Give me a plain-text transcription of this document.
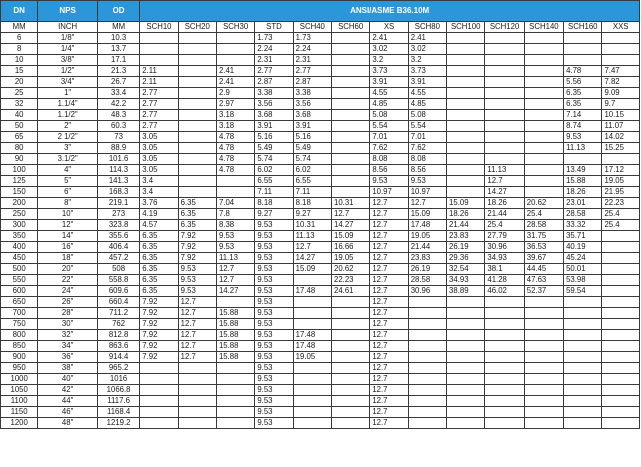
DN	NPS	OD	ANSI/ASME B36.10M												
MM	INCH	MM	SCH10	SCH20	SCH30	STD	SCH40	SCH60	XS	SCH80	SCH100	SCH120	SCH140	SCH160	XXS
6	1/8"	10.3				1.73	1.73		2.41	2.41					
8	1/4"	13.7				2.24	2.24		3.02	3.02					
10	3/8"	17.1				2.31	2.31		3.2	3.2					
15	1/2"	21.3	2.11		2.41	2.77	2.77		3.73	3.73				4.78	7.47
20	3/4"	26.7	2.11		2.41	2.87	2.87		3.91	3.91				5.56	7.82
25	1"	33.4	2.77		2.9	3.38	3.38		4.55	4.55				6.35	9.09
32	1.1/4"	42.2	2.77		2.97	3.56	3.56		4.85	4.85				6.35	9.7
40	1.1/2"	48.3	2.77		3.18	3.68	3.68		5.08	5.08				7.14	10.15
50	2"	60.3	2.77		3.18	3.91	3.91		5.54	5.54				8.74	11.07
65	2 1/2"	73	3.05		4.78	5.16	5.16		7.01	7.01				9.53	14.02
80	3"	88.9	3.05		4.78	5.49	5.49		7.62	7.62				11.13	15.25
90	3.1/2"	101.6	3.05		4.78	5.74	5.74		8.08	8.08					
100	4"	114.3	3.05		4.78	6.02	6.02		8.56	8.56		11.13		13.49	17.12
125	5"	141.3	3.4			6.55	6.55		9.53	9.53		12.7		15.88	19.05
150	6"	168.3	3.4			7.11	7.11		10.97	10.97		14.27		18.26	21.95
200	8"	219.1	3.76	6.35	7.04	8.18	8.18	10.31	12.7	12.7	15.09	18.26	20.62	23.01	22.23
250	10"	273	4.19	6.35	7.8	9.27	9.27	12.7	12.7	15.09	18.26	21.44	25.4	28.58	25.4
300	12"	323.8	4.57	6.35	8.38	9.53	10.31	14.27	12.7	17.48	21.44	25.4	28.58	33.32	25.4
350	14"	355.6	6.35	7.92	9.53	9.53	11.13	15.09	12.7	19.05	23.83	27.79	31.75	35.71	
400	16"	406.4	6.35	7.92	9.53	9.53	12.7	16.66	12.7	21.44	26.19	30.96	36.53	40.19	
450	18"	457.2	6.35	7.92	11.13	9.53	14.27	19.05	12.7	23.83	29.36	34.93	39.67	45.24	
500	20"	508	6.35	9.53	12.7	9.53	15.09	20.62	12.7	26.19	32.54	38.1	44.45	50.01	
550	22"	558.8	6.35	9.53	12.7	9.53		22.23	12.7	28.58	34.93	41.28	47.63	53.98	
600	24"	609.6	6.35	9.53	14.27	9.53	17.48	24.61	12.7	30.96	38.89	46.02	52.37	59.54	
650	26"	660.4	7.92	12.7		9.53			12.7						
700	28"	711.2	7.92	12.7	15.88	9.53			12.7						
750	30"	762	7.92	12.7	15.88	9.53			12.7						
800	32"	812.8	7.92	12.7	15.88	9.53	17.48		12.7						
850	34"	863.6	7.92	12.7	15.88	9.53	17.48		12.7						
900	36"	914.4	7.92	12.7	15.88	9.53	19.05		12.7						
950	38"	965.2				9.53			12.7						
1000	40"	1016				9.53			12.7						
1050	42"	1066.8				9.53			12.7						
1100	44"	1117.6				9.53			12.7						
1150	46"	1168.4				9.53			12.7						
1200	48"	1219.2				9.53			12.7						
